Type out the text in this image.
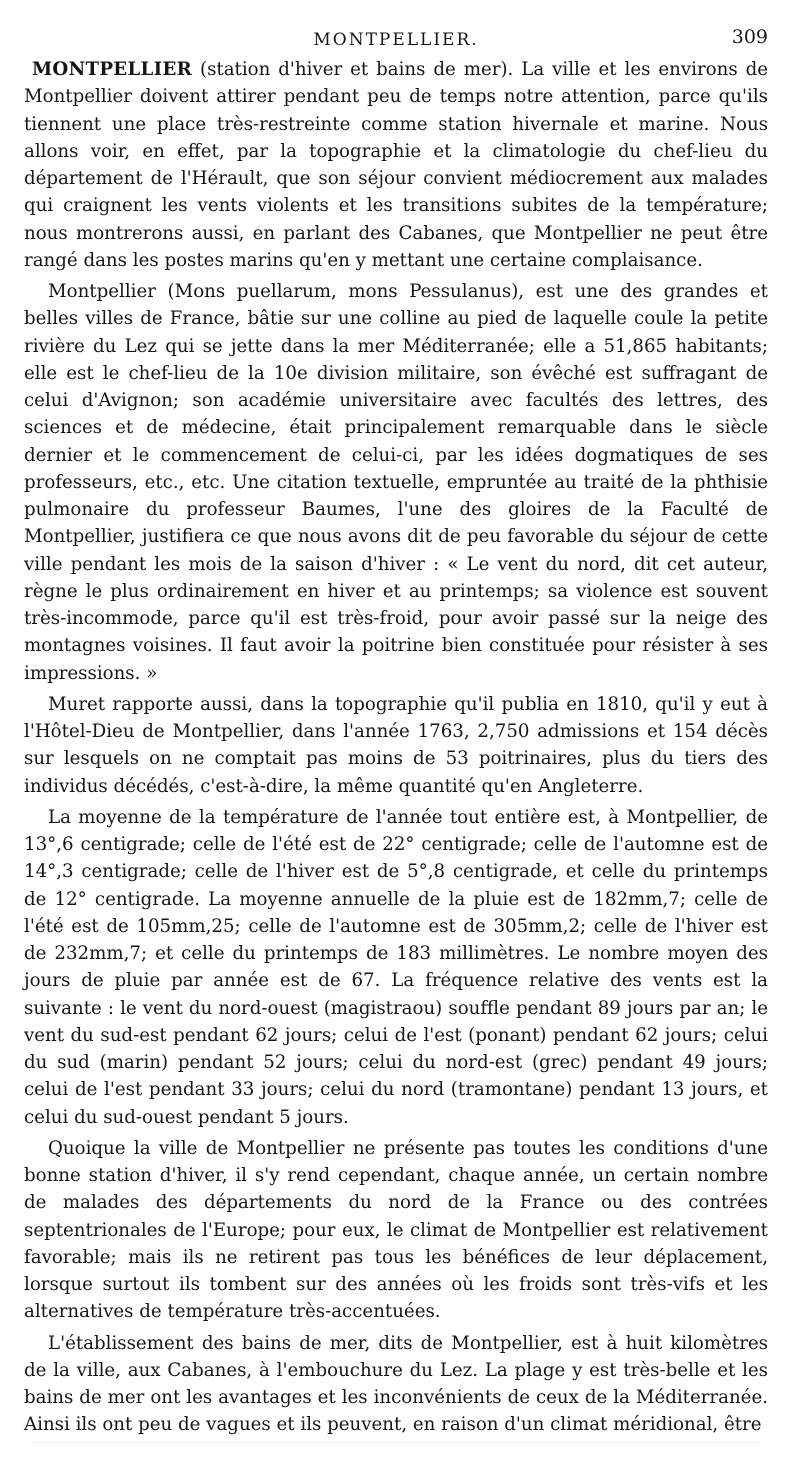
MONTPELLIER.	309

MONTPELLIER (station d'hiver et bains de mer). La ville et les environs de Montpellier doivent attirer pendant peu de temps notre attention, parce qu'ils tiennent une place très-restreinte comme station hivernale et marine. Nous allons voir, en effet, par la topographie et la climatologie du chef-lieu du département de l'Hérault, que son séjour convient médiocrement aux malades qui craignent les vents violents et les transitions subites de la température; nous montrerons aussi, en parlant des Cabanes, que Montpellier ne peut être rangé dans les postes marins qu'en y mettant une certaine complaisance.

Montpellier (Mons puellarum, mons Pessulanus), est une des grandes et belles villes de France, bâtie sur une colline au pied de laquelle coule la petite rivière du Lez qui se jette dans la mer Méditerranée; elle a 51,865 habitants; elle est le chef-lieu de la 10e division militaire, son évêché est suffragant de celui d'Avignon; son académie universitaire avec facultés des lettres, des sciences et de médecine, était principalement remarquable dans le siècle dernier et le commencement de celui-ci, par les idées dogmatiques de ses professeurs, etc., etc. Une citation textuelle, empruntée au traité de la phthisie pulmonaire du professeur Baumes, l'une des gloires de la Faculté de Montpellier, justifiera ce que nous avons dit de peu favorable du séjour de cette ville pendant les mois de la saison d'hiver : « Le vent du nord, dit cet auteur, règne le plus ordinairement en hiver et au printemps; sa violence est souvent très-incommode, parce qu'il est très-froid, pour avoir passé sur la neige des montagnes voisines. Il faut avoir la poitrine bien constituée pour résister à ses impressions. »

Muret rapporte aussi, dans la topographie qu'il publia en 1810, qu'il y eut à l'Hôtel-Dieu de Montpellier, dans l'année 1763, 2,750 admissions et 154 décès sur lesquels on ne comptait pas moins de 53 poitrinaires, plus du tiers des individus décédés, c'est-à-dire, la même quantité qu'en Angleterre.

La moyenne de la température de l'année tout entière est, à Montpellier, de 13°,6 centigrade; celle de l'été est de 22° centigrade; celle de l'automne est de 14°,3 centigrade; celle de l'hiver est de 5°,8 centigrade, et celle du printemps de 12° centigrade. La moyenne annuelle de la pluie est de 182mm,7; celle de l'été est de 105mm,25; celle de l'automne est de 305mm,2; celle de l'hiver est de 232mm,7; et celle du printemps de 183 millimètres. Le nombre moyen des jours de pluie par année est de 67. La fréquence relative des vents est la suivante : le vent du nord-ouest (magistraou) souffle pendant 89 jours par an; le vent du sud-est pendant 62 jours; celui de l'est (ponant) pendant 62 jours; celui du sud (marin) pendant 52 jours; celui du nord-est (grec) pendant 49 jours; celui de l'est pendant 33 jours; celui du nord (tramontane) pendant 13 jours, et celui du sud-ouest pendant 5 jours.

Quoique la ville de Montpellier ne présente pas toutes les conditions d'une bonne station d'hiver, il s'y rend cependant, chaque année, un certain nombre de malades des départements du nord de la France ou des contrées septentrionales de l'Europe; pour eux, le climat de Montpellier est relativement favorable; mais ils ne retirent pas tous les bénéfices de leur déplacement, lorsque surtout ils tombent sur des années où les froids sont très-vifs et les alternatives de température très-accentuées.

L'établissement des bains de mer, dits de Montpellier, est à huit kilomètres de la ville, aux Cabanes, à l'embouchure du Lez. La plage y est très-belle et les bains de mer ont les avantages et les inconvénients de ceux de la Méditerranée. Ainsi ils ont peu de vagues et ils peuvent, en raison d'un climat méridional, être
